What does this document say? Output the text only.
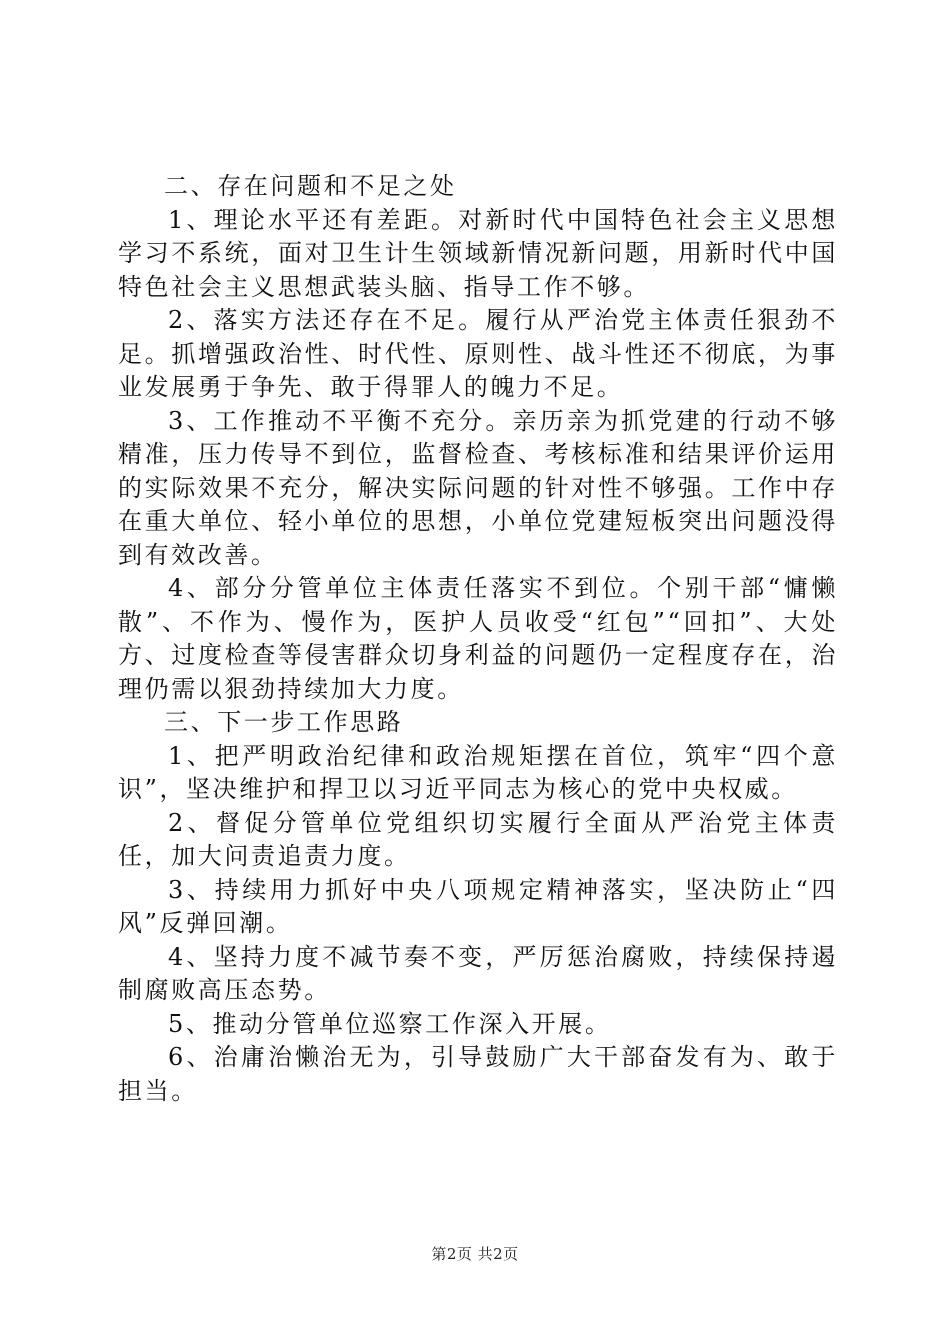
二、存在问题和不足之处

1、理论水平还有差距。对新时代中国特色社会主义思想学习不系统，面对卫生计生领域新情况新问题，用新时代中国特色社会主义思想武装头脑、指导工作不够。

2、落实方法还存在不足。履行从严治党主体责任狠劲不足。抓增强政治性、时代性、原则性、战斗性还不彻底，为事业发展勇于争先、敢于得罪人的魄力不足。

3、工作推动不平衡不充分。亲历亲为抓党建的行动不够精准，压力传导不到位，监督检查、考核标准和结果评价运用的实际效果不充分，解决实际问题的针对性不够强。工作中存在重大单位、轻小单位的思想，小单位党建短板突出问题没得到有效改善。

4、部分分管单位主体责任落实不到位。个别干部“慵懒散”、不作为、慢作为，医护人员收受“红包”“回扣”、大处方、过度检查等侵害群众切身利益的问题仍一定程度存在，治理仍需以狠劲持续加大力度。

三、下一步工作思路

1、把严明政治纪律和政治规矩摆在首位，筑牢“四个意识”，坚决维护和捍卫以习近平同志为核心的党中央权威。

2、督促分管单位党组织切实履行全面从严治党主体责任，加大问责追责力度。

3、持续用力抓好中央八项规定精神落实，坚决防止“四风”反弹回潮。

4、坚持力度不减节奏不变，严厉惩治腐败，持续保持遏制腐败高压态势。

5、推动分管单位巡察工作深入开展。

6、治庸治懒治无为，引导鼓励广大干部奋发有为、敢于担当。

第2页 共2页
